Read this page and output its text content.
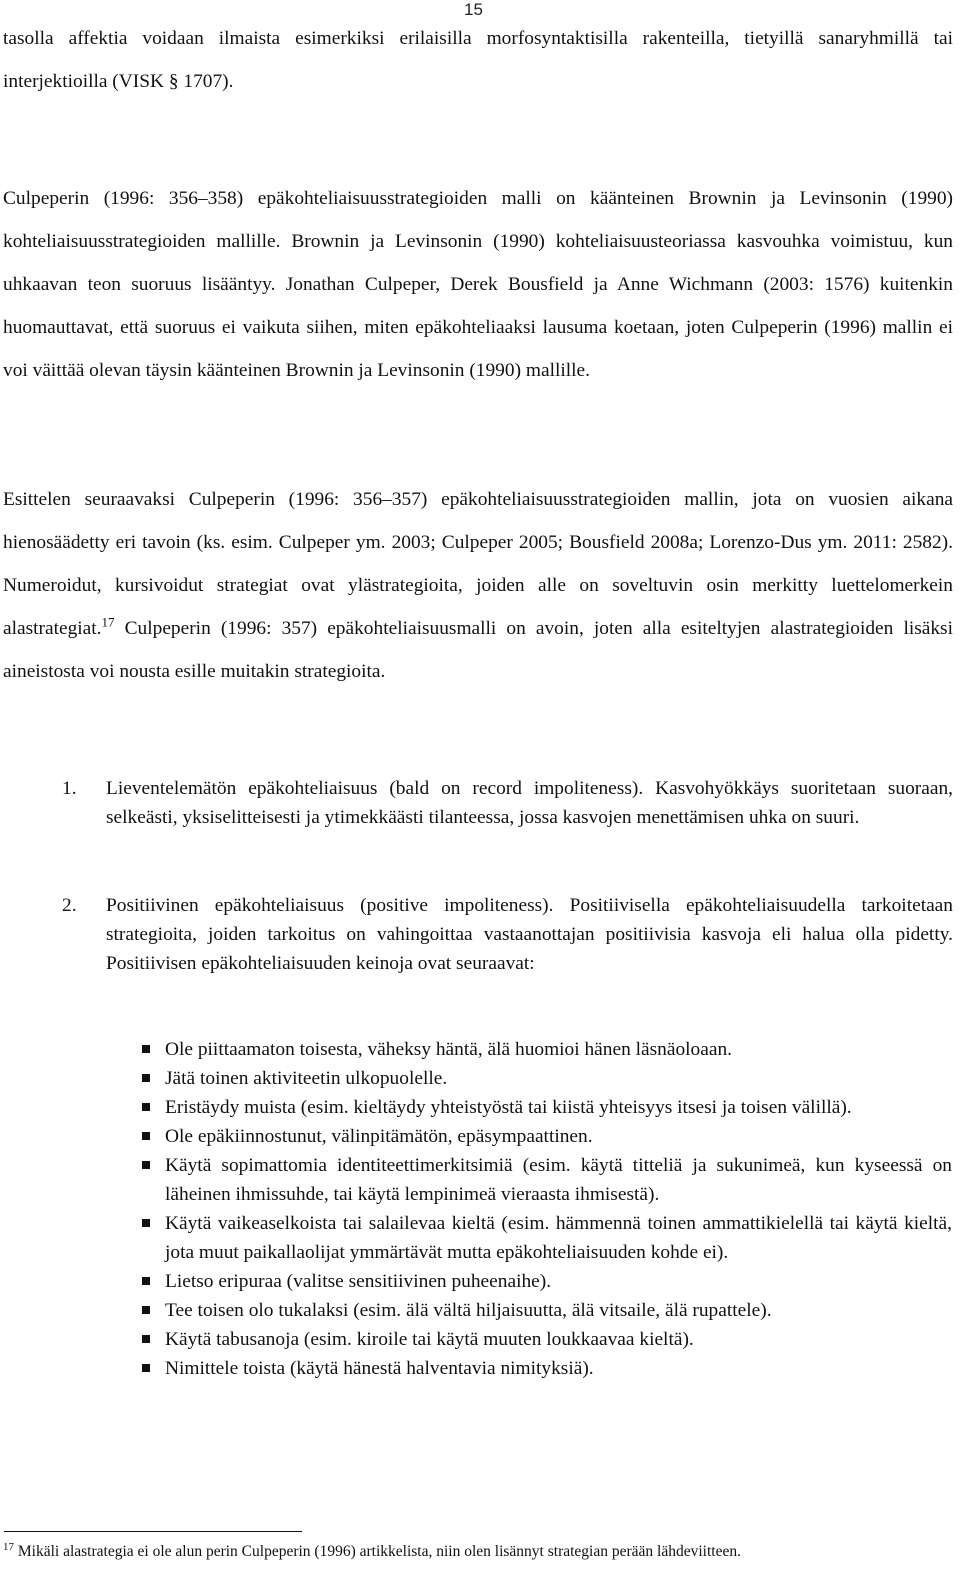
15

tasolla affektia voidaan ilmaista esimerkiksi erilaisilla morfosyntaktisilla rakenteilla, tietyillä sanaryhmillä tai interjektioilla (VISK § 1707).

Culpeperin (1996: 356–358) epäkohteliaisuusstrategioiden malli on käänteinen Brownin ja Levinsonin (1990) kohteliaisuusstrategioiden mallille. Brownin ja Levinsonin (1990) kohteliaisuusteoriassa kasvouhka voimistuu, kun uhkaavan teon suoruus lisääntyy. Jonathan Culpeper, Derek Bousfield ja Anne Wichmann (2003: 1576) kuitenkin huomauttavat, että suoruus ei vaikuta siihen, miten epäkohteliaaksi lausuma koetaan, joten Culpeperin (1996) mallin ei voi väittää olevan täysin käänteinen Brownin ja Levinsonin (1990) mallille.

Esittelen seuraavaksi Culpeperin (1996: 356–357) epäkohteliaisuusstrategioiden mallin, jota on vuosien aikana hienosäädetty eri tavoin (ks. esim. Culpeper ym. 2003; Culpeper 2005; Bousfield 2008a; Lorenzo-Dus ym. 2011: 2582). Numeroidut, kursivoidut strategiat ovat ylästrategioita, joiden alle on soveltuvin osin merkitty luettelomerkein alastrategiat.$^{17}$ Culpeperin (1996: 357) epäkohteliaisuusmalli on avoin, joten alla esiteltyjen alastrategioiden lisäksi aineistosta voi nousta esille muitakin strategioita.

1. Lieventelemätön epäkohteliaisuus (bald on record impoliteness). Kasvohyökkäys suoritetaan suoraan, selkeästi, yksiselitteisesti ja ytimekkäästi tilanteessa, jossa kasvojen menettämisen uhka on suuri.

2. Positiivinen epäkohteliaisuus (positive impoliteness). Positiivisella epäkohteliaisuudella tarkoitetaan strategioita, joiden tarkoitus on vahingoittaa vastaanottajan positiivisia kasvoja eli halua olla pidetty. Positiivisen epäkohteliaisuuden keinoja ovat seuraavat:

Ole piittaamaton toisesta, väheksy häntä, älä huomioi hänen läsnäoloaan.
Jätä toinen aktiviteetin ulkopuolelle.
Eristäydy muista (esim. kieltäydy yhteistyöstä tai kiistä yhteisyys itsesi ja toisen välillä).
Ole epäkiinnostunut, välinpitämätön, epäsympaattinen.
Käytä sopimattomia identiteettimerkitsimiä (esim. käytä titteliä ja sukunimeä, kun kyseessä on läheinen ihmissuhde, tai käytä lempinimeä vieraasta ihmisestä).
Käytä vaikeaselkoista tai salailevaa kieltä (esim. hämmennä toinen ammattikielellä tai käytä kieltä, jota muut paikallaolijat ymmärtävät mutta epäkohteliaisuuden kohde ei).
Lietso eripuraa (valitse sensitiivinen puheenaihe).
Tee toisen olo tukalaksi (esim. älä vältä hiljaisuutta, älä vitsaile, älä rupattele).
Käytä tabusanoja (esim. kiroile tai käytä muuten loukkaavaa kieltä).
Nimittele toista (käytä hänestä halventavia nimityksiä).
$^{17}$ Mikäli alastrategia ei ole alun perin Culpeperin (1996) artikkelista, niin olen lisännyt strategian perään lähdeviitteen.
